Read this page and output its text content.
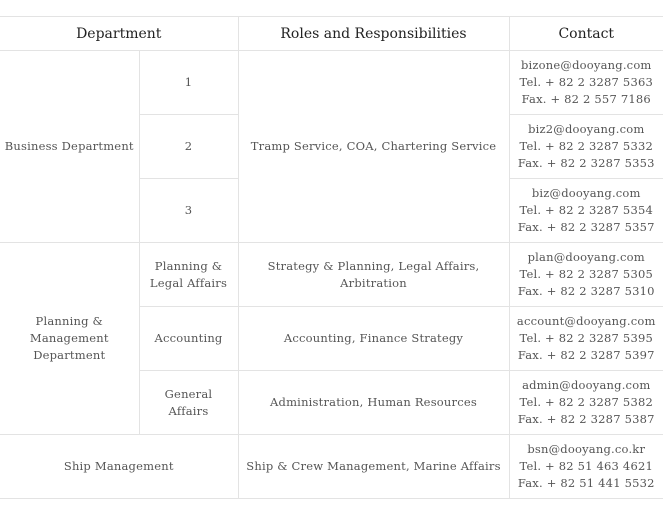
Department		Roles and Responsibilities	Contact
Business Department	1	Tramp Service, COA, Chartering Service	bizone@dooyang.com
Tel. + 82 2 3287 5363
Fax. + 82 2 557 7186

	2		biz2@dooyang.com
Tel. + 82 2 3287 5332
Fax. + 82 2 3287 5353

	3		biz@dooyang.com
Tel. + 82 2 3287 5354
Fax. + 82 2 3287 5357

Planning & Management Department	Planning & Legal Affairs	Strategy & Planning, Legal Affairs, Arbitration	plan@dooyang.com
Tel. + 82 2 3287 5305
Fax. + 82 2 3287 5310

	Accounting	Accounting, Finance Strategy	account@dooyang.com
Tel. + 82 2 3287 5395
Fax. + 82 2 3287 5397

	General Affairs	Administration, Human Resources	admin@dooyang.com
Tel. + 82 2 3287 5382
Fax. + 82 2 3287 5387

Ship Management		Ship & Crew Management, Marine Affairs	bsn@dooyang.co.kr
Tel. + 82 51 463 4621
Fax. + 82 51 441 5532
